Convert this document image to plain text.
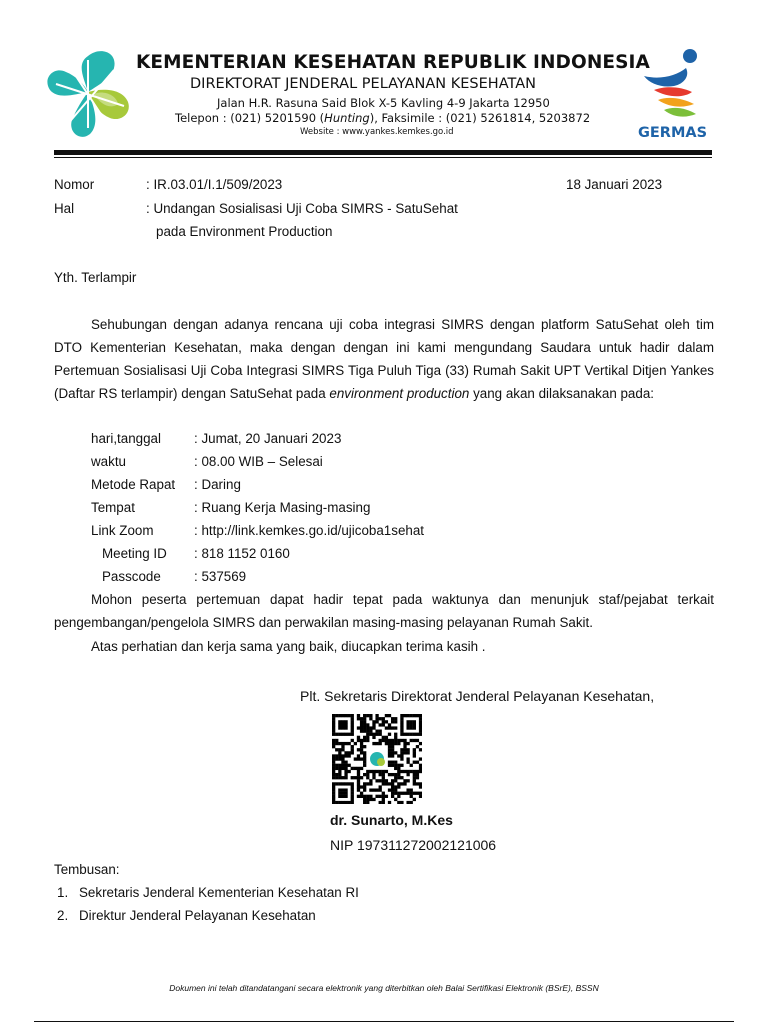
KEMENTERIAN KESEHATAN REPUBLIK INDONESIA
DIREKTORAT JENDERAL PELAYANAN KESEHATAN
Jalan H.R. Rasuna Said Blok X-5 Kavling 4-9 Jakarta 12950
Telepon : (021) 5201590 (Hunting), Faksimile : (021) 5261814, 5203872
Website : www.yankes.kemkes.go.id	GERMAS
Nomor	: IR.03.01/I.1/509/2023	18 Januari 2023
Hal	: Undangan Sosialisasi Uji Coba SIMRS - SatuSehat
pada Environment Production
Yth. Terlampir
Sehubungan dengan adanya rencana uji coba integrasi SIMRS dengan platform SatuSehat oleh tim DTO Kementerian Kesehatan, maka dengan dengan ini kami mengundang Saudara untuk hadir dalam Pertemuan Sosialisasi Uji Coba Integrasi SIMRS Tiga Puluh Tiga (33) Rumah Sakit UPT Vertikal Ditjen Yankes (Daftar RS terlampir) dengan SatuSehat pada environment production yang akan dilaksanakan pada:
hari,tanggal : Jumat, 20 Januari 2023
waktu	: 08.00 WIB – Selesai
Metode Rapat : Daring
Tempat	: Ruang Kerja Masing-masing
Link Zoom	: http://link.kemkes.go.id/ujicoba1sehat
Meeting ID : 818 1152 0160
Passcode : 537569
Mohon peserta pertemuan dapat hadir tepat pada waktunya dan menunjuk staf/pejabat terkait pengembangan/pengelola SIMRS dan perwakilan masing-masing pelayanan Rumah Sakit.
Atas perhatian dan kerja sama yang baik, diucapkan terima kasih .
Plt. Sekretaris Direktorat Jenderal Pelayanan Kesehatan,
dr. Sunarto, M.Kes
NIP 197311272002121006
Tembusan:
1. Sekretaris Jenderal Kementerian Kesehatan RI
2. Direktur Jenderal Pelayanan Kesehatan
Dokumen ini telah ditandatangani secara elektronik yang diterbitkan oleh Balai Sertifikasi Elektronik (BSrE), BSSN
